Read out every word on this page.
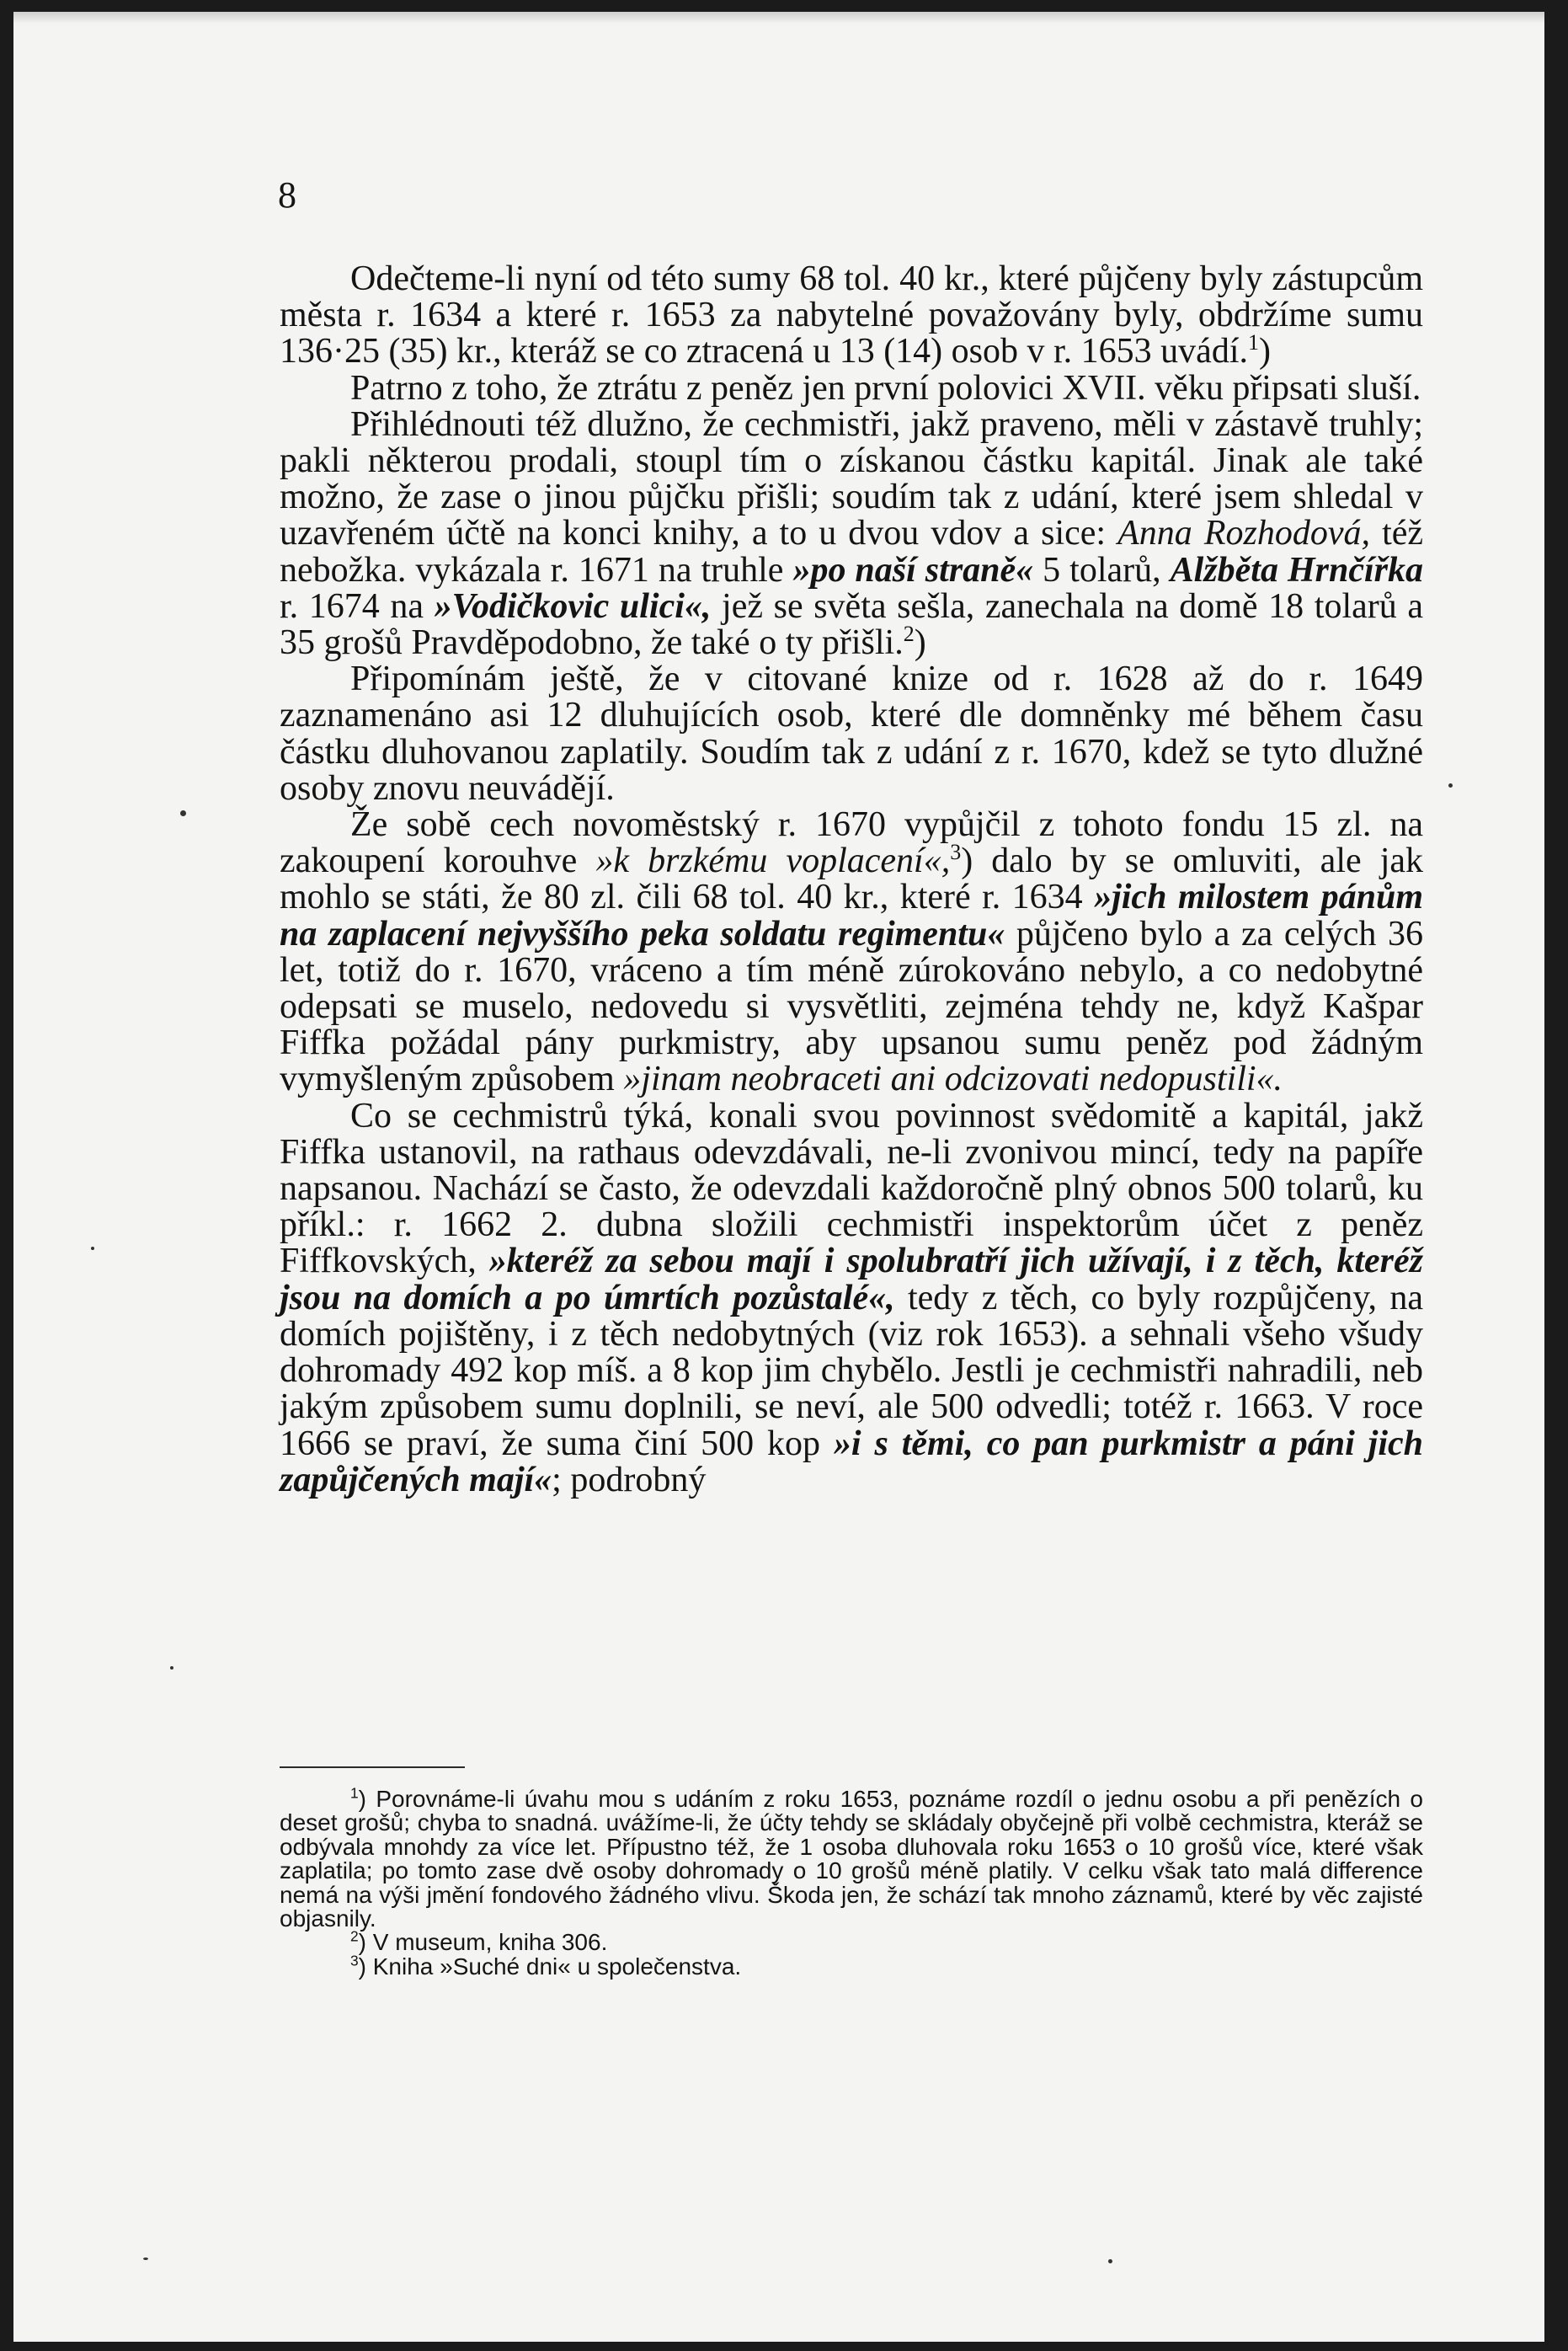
8

Odečteme-li nyní od této sumy 68 tol. 40 kr., které půjčeny byly zástupcům města r. 1634 a které r. 1653 za nabytelné považovány byly, obdržíme sumu 136·25 (35) kr., kteráž se co ztracená u 13 (14) osob v r. 1653 uvádí.$^1$)

Patrno z toho, že ztrátu z peněz jen první polovici XVII. věku připsati sluší.

Přihlédnouti též dlužno, že cechmistři, jakž praveno, měli v zástavě truhly; pakli některou prodali, stoupl tím o získanou částku kapitál. Jinak ale také možno, že zase o jinou půjčku přišli; soudím tak z udání, které jsem shledal v uzavřeném účtě na konci knihy, a to u dvou vdov a sice: Anna Rozhodová, též nebožka. vykázala r. 1671 na truhle »po naší straně« 5 tolarů, Alžběta Hrnčířka r. 1674 na »Vodičkovic ulici«, jež se světa sešla, zanechala na domě 18 tolarů a 35 grošů Pravděpodobno, že také o ty přišli.$^2$)

Připomínám ještě, že v citované knize od r. 1628 až do r. 1649 zaznamenáno asi 12 dluhujících osob, které dle domněnky mé během času částku dluhovanou zaplatily. Soudím tak z udání z r. 1670, kdež se tyto dlužné osoby znovu neuvádějí.

Že sobě cech novoměstský r. 1670 vypůjčil z tohoto fondu 15 zl. na zakoupení korouhve »k brzkému voplacení«,$^3$) dalo by se omluviti, ale jak mohlo se státi, že 80 zl. čili 68 tol. 40 kr., které r. 1634 »jich milostem pánům na zaplacení nejvyššího peka soldatu regimentu« půjčeno bylo a za celých 36 let, totiž do r. 1670, vráceno a tím méně zúrokováno nebylo, a co nedobytné odepsati se muselo, nedovedu si vysvětliti, zejména tehdy ne, když Kašpar Fiffka požádal pány purkmistry, aby upsanou sumu peněz pod žádným vymyšleným způsobem »jinam neobraceti ani odcizovati nedopustili«.

Co se cechmistrů týká, konali svou povinnost svědomitě a kapitál, jakž Fiffka ustanovil, na rathaus odevzdávali, ne-li zvonivou mincí, tedy na papíře napsanou. Nachází se často, že odevzdali každoročně plný obnos 500 tolarů, ku příkl.: r. 1662 2. dubna složili cechmistři inspektorům účet z peněz Fiffkovských, »kteréž za sebou mají i spolubratří jich užívají, i z těch, kteréž jsou na domích a po úmrtích pozůstalé«, tedy z těch, co byly rozpůjčeny, na domích pojištěny, i z těch nedobytných (viz rok 1653). a sehnali všeho všudy dohromady 492 kop míš. a 8 kop jim chybělo. Jestli je cechmistři nahradili, neb jakým způsobem sumu doplnili, se neví, ale 500 odvedli; totéž r. 1663. V roce 1666 se praví, že suma činí 500 kop »i s těmi, co pan purkmistr a páni jich zapůjčených mají«; podrobný

$^1$) Porovnáme-li úvahu mou s udáním z roku 1653, poznáme rozdíl o jednu osobu a při penězích o deset grošů; chyba to snadná. uvážíme-li, že účty tehdy se skládaly obyčejně při volbě cechmistra, kteráž se odbývala mnohdy za více let. Přípustno též, že 1 osoba dluhovala roku 1653 o 10 grošů více, které však zaplatila; po tomto zase dvě osoby dohromady o 10 grošů méně platily. V celku však tato malá difference nemá na výši jmění fondového žádného vlivu. Škoda jen, že schází tak mnoho záznamů, které by věc zajisté objasnily.

$^2$) V museum, kniha 306.

$^3$) Kniha »Suché dni« u společenstva.
